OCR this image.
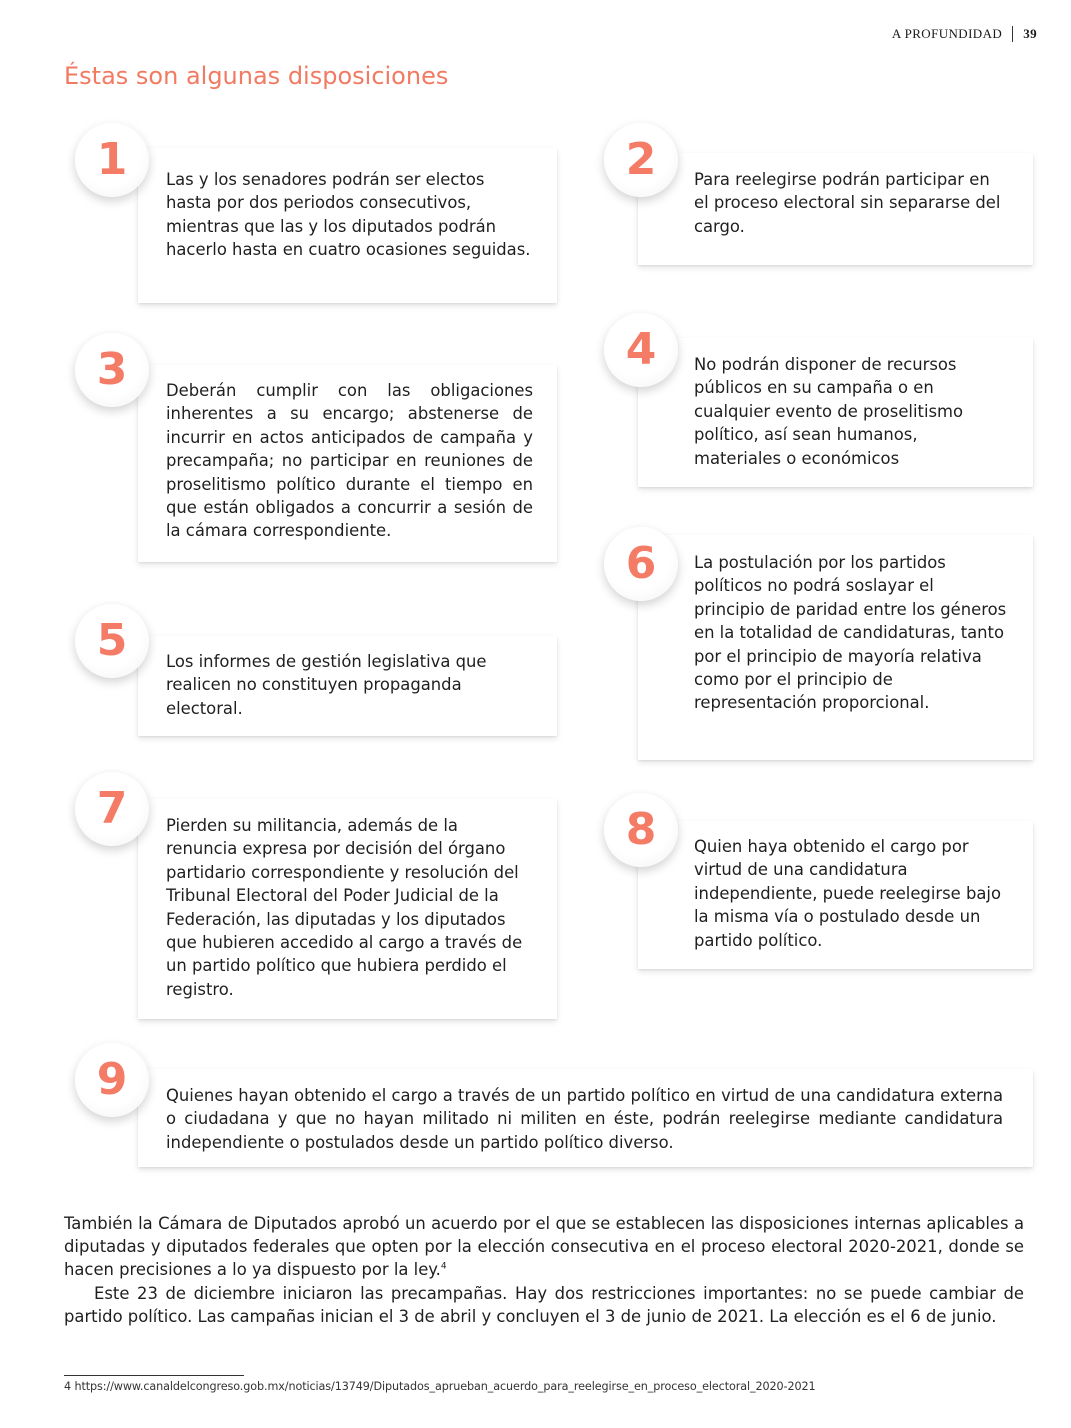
A PROFUNDIDAD 39
Éstas son algunas disposiciones

Las y los senadores podrán ser electos hasta por dos periodos consecutivos, mientras que las y los diputados podrán hacerlo hasta en cuatro ocasiones seguidas.

1	Para reelegirse podrán participar en el proceso electoral sin separarse del cargo.

2

Deberán cumplir con las obligaciones inherentes a su encargo; abstenerse de incurrir en actos anticipados de campaña y precampaña; no participar en reuniones de proselitismo político durante el tiempo en que están obligados a concurrir a sesión de la cámara correspondiente.

3	No podrán disponer de recursos públicos en su campaña o en cualquier evento de proselitismo político, así sean humanos, materiales o económicos

4

Los informes de gestión legislativa que realicen no constituyen propaganda electoral.

5

La postulación por los partidos políticos no podrá soslayar el principio de paridad entre los géneros en la totalidad de candidaturas, tanto por el principio de mayoría relativa como por el principio de representación proporcional.

6

Pierden su militancia, además de la renuncia expresa por decisión del órgano partidario correspondiente y resolución del Tribunal Electoral del Poder Judicial de la Federación, las diputadas y los diputados que hubieren accedido al cargo a través de un partido político que hubiera perdido el registro.

7

Quien haya obtenido el cargo por virtud de una candidatura independiente, puede reelegirse bajo la misma vía o postulado desde un partido político.

8

Quienes hayan obtenido el cargo a través de un partido político en virtud de una candidatura externa o ciudadana y que no hayan militado ni militen en éste, podrán reelegirse mediante candidatura independiente o postulados desde un partido político diverso.

9

También la Cámara de Diputados aprobó un acuerdo por el que se establecen las disposiciones internas aplicables a diputadas y diputados federales que opten por la elección consecutiva en el proceso electoral 2020-2021, donde se hacen precisiones a lo ya dispuesto por la ley.$^4$

Este 23 de diciembre iniciaron las precampañas. Hay dos restricciones importantes: no se puede cambiar de partido político. Las campañas inician el 3 de abril y concluyen el 3 de junio de 2021. La elección es el 6 de junio.

4 https://www.canaldelcongreso.gob.mx/noticias/13749/Diputados_aprueban_acuerdo_para_reelegirse_en_proceso_electoral_2020-2021
